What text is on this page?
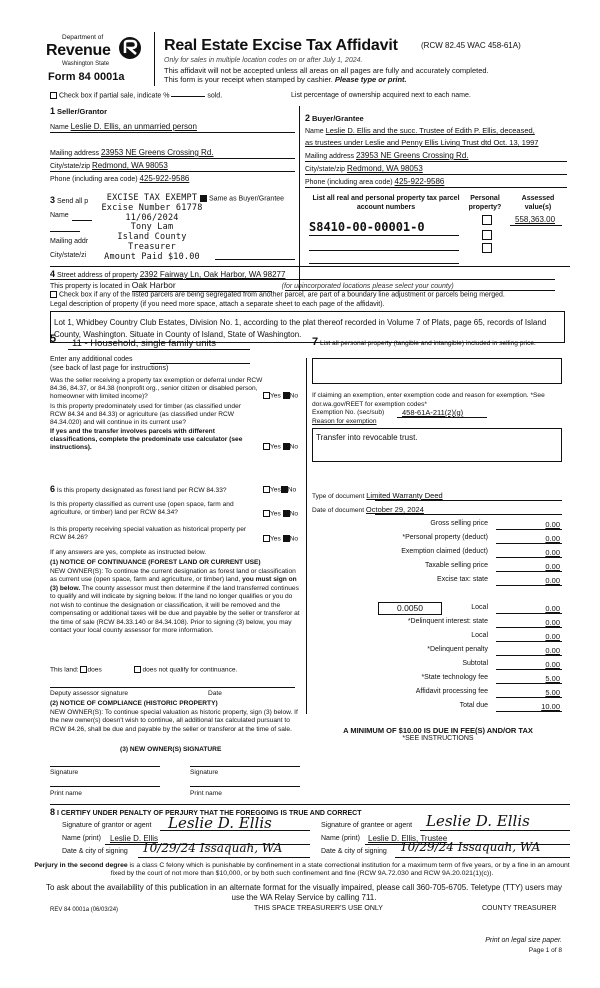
Department of
Revenue
Washington State
Form 84 0001a
Real Estate Excise Tax Affidavit	(RCW 82.45 WAC 458-61A)
Only for sales in multiple location codes on or after July 1, 2024.
This affidavit will not be accepted unless all areas on all pages are fully and accurately completed.
This form is your receipt when stamped by cashier. Please type or print.
Check box if partial sale, indicate %	sold.	List percentage of ownership acquired next to each name.
1 Seller/Grantor
Name Leslie D. Ellis, an unmarried person
Mailing address 23953 NE Greens Crossing Rd.
City/state/zip Redmond, WA 98053
Phone (including area code) 425-922-9586
2 Buyer/Grantee
Name Leslie D. Ellis and the succ. Trustee of Edith P. Ellis, deceased,
as trustees under Leslie and Penny Ellis Living Trust dtd Oct. 13, 1997
Mailing address 23953 NE Greens Crossing Rd.
City/state/zip Redmond, WA 98053
Phone (including area code) 425-922-9586
3 Send all p	EXCISE TAX EXEMPT
Excise Number 61778
11/06/2024
Tony Lam
Island County Treasurer
Amount Paid $10.00
Same as Buyer/Grantee
Name
Mailing addr
City/state/zi
List all real and personal property tax parcel account numbers
Personal property?
Assessed value(s)
S8410-00-00001-0
558,363.00
4 Street address of property 2392 Fairway Ln, Oak Harbor, WA 98277
This property is located in Oak Harbor	(for unincorporated locations please select your county)
Check box if any of the listed parcels are being segregated from another parcel, are part of a boundary line adjustment or parcels being merged.
Legal description of property (if you need more space, attach a separate sheet to each page of the affidavit).
Lot 1, Whidbey Country Club Estates, Division No. 1, according to the plat thereof recorded in Volume 7 of Plats, page 65, records of Island County, Washington. Situate in County of Island, State of Washington.
5 11 - Household, single family units
Enter any additional codes
(see back of last page for instructions)
Was the seller receiving a property tax exemption or deferral under RCW 84.36, 84.37, or 84.38 (nonprofit org., senior citizen or disabled person, homeowner with limited income)?	Yes No
Is this property predominately used for timber (as classified under RCW 84.34 and 84.33) or agriculture (as classified under RCW 84.34.020) and will continue in its current use?
If yes and the transfer involves parcels with different classifications, complete the predominate use calculator (see instructions).	Yes No
6 Is this property designated as forest land per RCW 84.33?	Yes No
Is this property classified as current use (open space, farm and agriculture, or timber) land per RCW 84.34?	Yes No
Is this property receiving special valuation as historical property per RCW 84.26?	Yes No
If any answers are yes, complete as instructed below.
(1) NOTICE OF CONTINUANCE (FOREST LAND OR CURRENT USE)
NEW OWNER(S): To continue the current designation as forest land or classification as current use (open space, farm and agriculture, or timber) land, you must sign on (3) below. The county assessor must then determine if the land transferred continues to qualify and will indicate by signing below. If the land no longer qualifies or you do not wish to continue the designation or classification, it will be removed and the compensating or additional taxes will be due and payable by the seller or transferor at the time of sale (RCW 84.33.140 or 84.34.108). Prior to signing (3) below, you may contact your local county assessor for more information.
This land: does	does not qualify for continuance.
Deputy assessor signature	Date
(2) NOTICE OF COMPLIANCE (HISTORIC PROPERTY)
NEW OWNER(S): To continue special valuation as historic property, sign (3) below. If the new owner(s) doesn't wish to continue, all additional tax calculated pursuant to RCW 84.26, shall be due and payable by the seller or transferor at the time of sale.
(3) NEW OWNER(S) SIGNATURE
Signature	Signature
Print name	Print name
7 List all personal property (tangible and intangible) included in selling price.
If claiming an exemption, enter exemption code and reason for exemption. *See dor.wa.gov/REET for exemption codes*
Exemption No. (sec/sub) 458-61A-211(2)(g)
Reason for exemption
Transfer into revocable trust.
Type of document Limited Warranty Deed
Date of document October 29, 2024
Gross selling price	0.00
*Personal property (deduct)	0.00
Exemption claimed (deduct)	0.00
Taxable selling price	0.00
Excise tax: state	0.00
0.0050	Local	0.00
*Delinquent interest: state	0.00
Local	0.00
*Delinquent penalty	0.00
Subtotal	0.00
*State technology fee	5.00
Affidavit processing fee	5.00
Total due	10.00
A MINIMUM OF $10.00 IS DUE IN FEE(S) AND/OR TAX
*SEE INSTRUCTIONS
8 I CERTIFY UNDER PENALTY OF PERJURY THAT THE FOREGOING IS TRUE AND CORRECT
Signature of grantor or agent Leslie D. Ellis
Name (print) Leslie D. Ellis
Date & city of signing 10/29/24 Issaquah, WA
Signature of grantee or agent Leslie D. Ellis
Name (print) Leslie D. Ellis, Trustee
Date & city of signing 10/29/24 Issaquah, WA
Perjury in the second degree is a class C felony which is punishable by confinement in a state correctional institution for a maximum term of five years, or by a fine in an amount fixed by the court of not more than $10,000, or by both such confinement and fine (RCW 9A.72.030 and RCW 9A.20.021(1)(c)).
To ask about the availability of this publication in an alternate format for the visually impaired, please call 360-705-6705. Teletype (TTY) users may use the WA Relay Service by calling 711.
REV 84 0001a (06/03/24)	THIS SPACE TREASURER'S USE ONLY	COUNTY TREASURER
Print on legal size paper.
Page 1 of 8
